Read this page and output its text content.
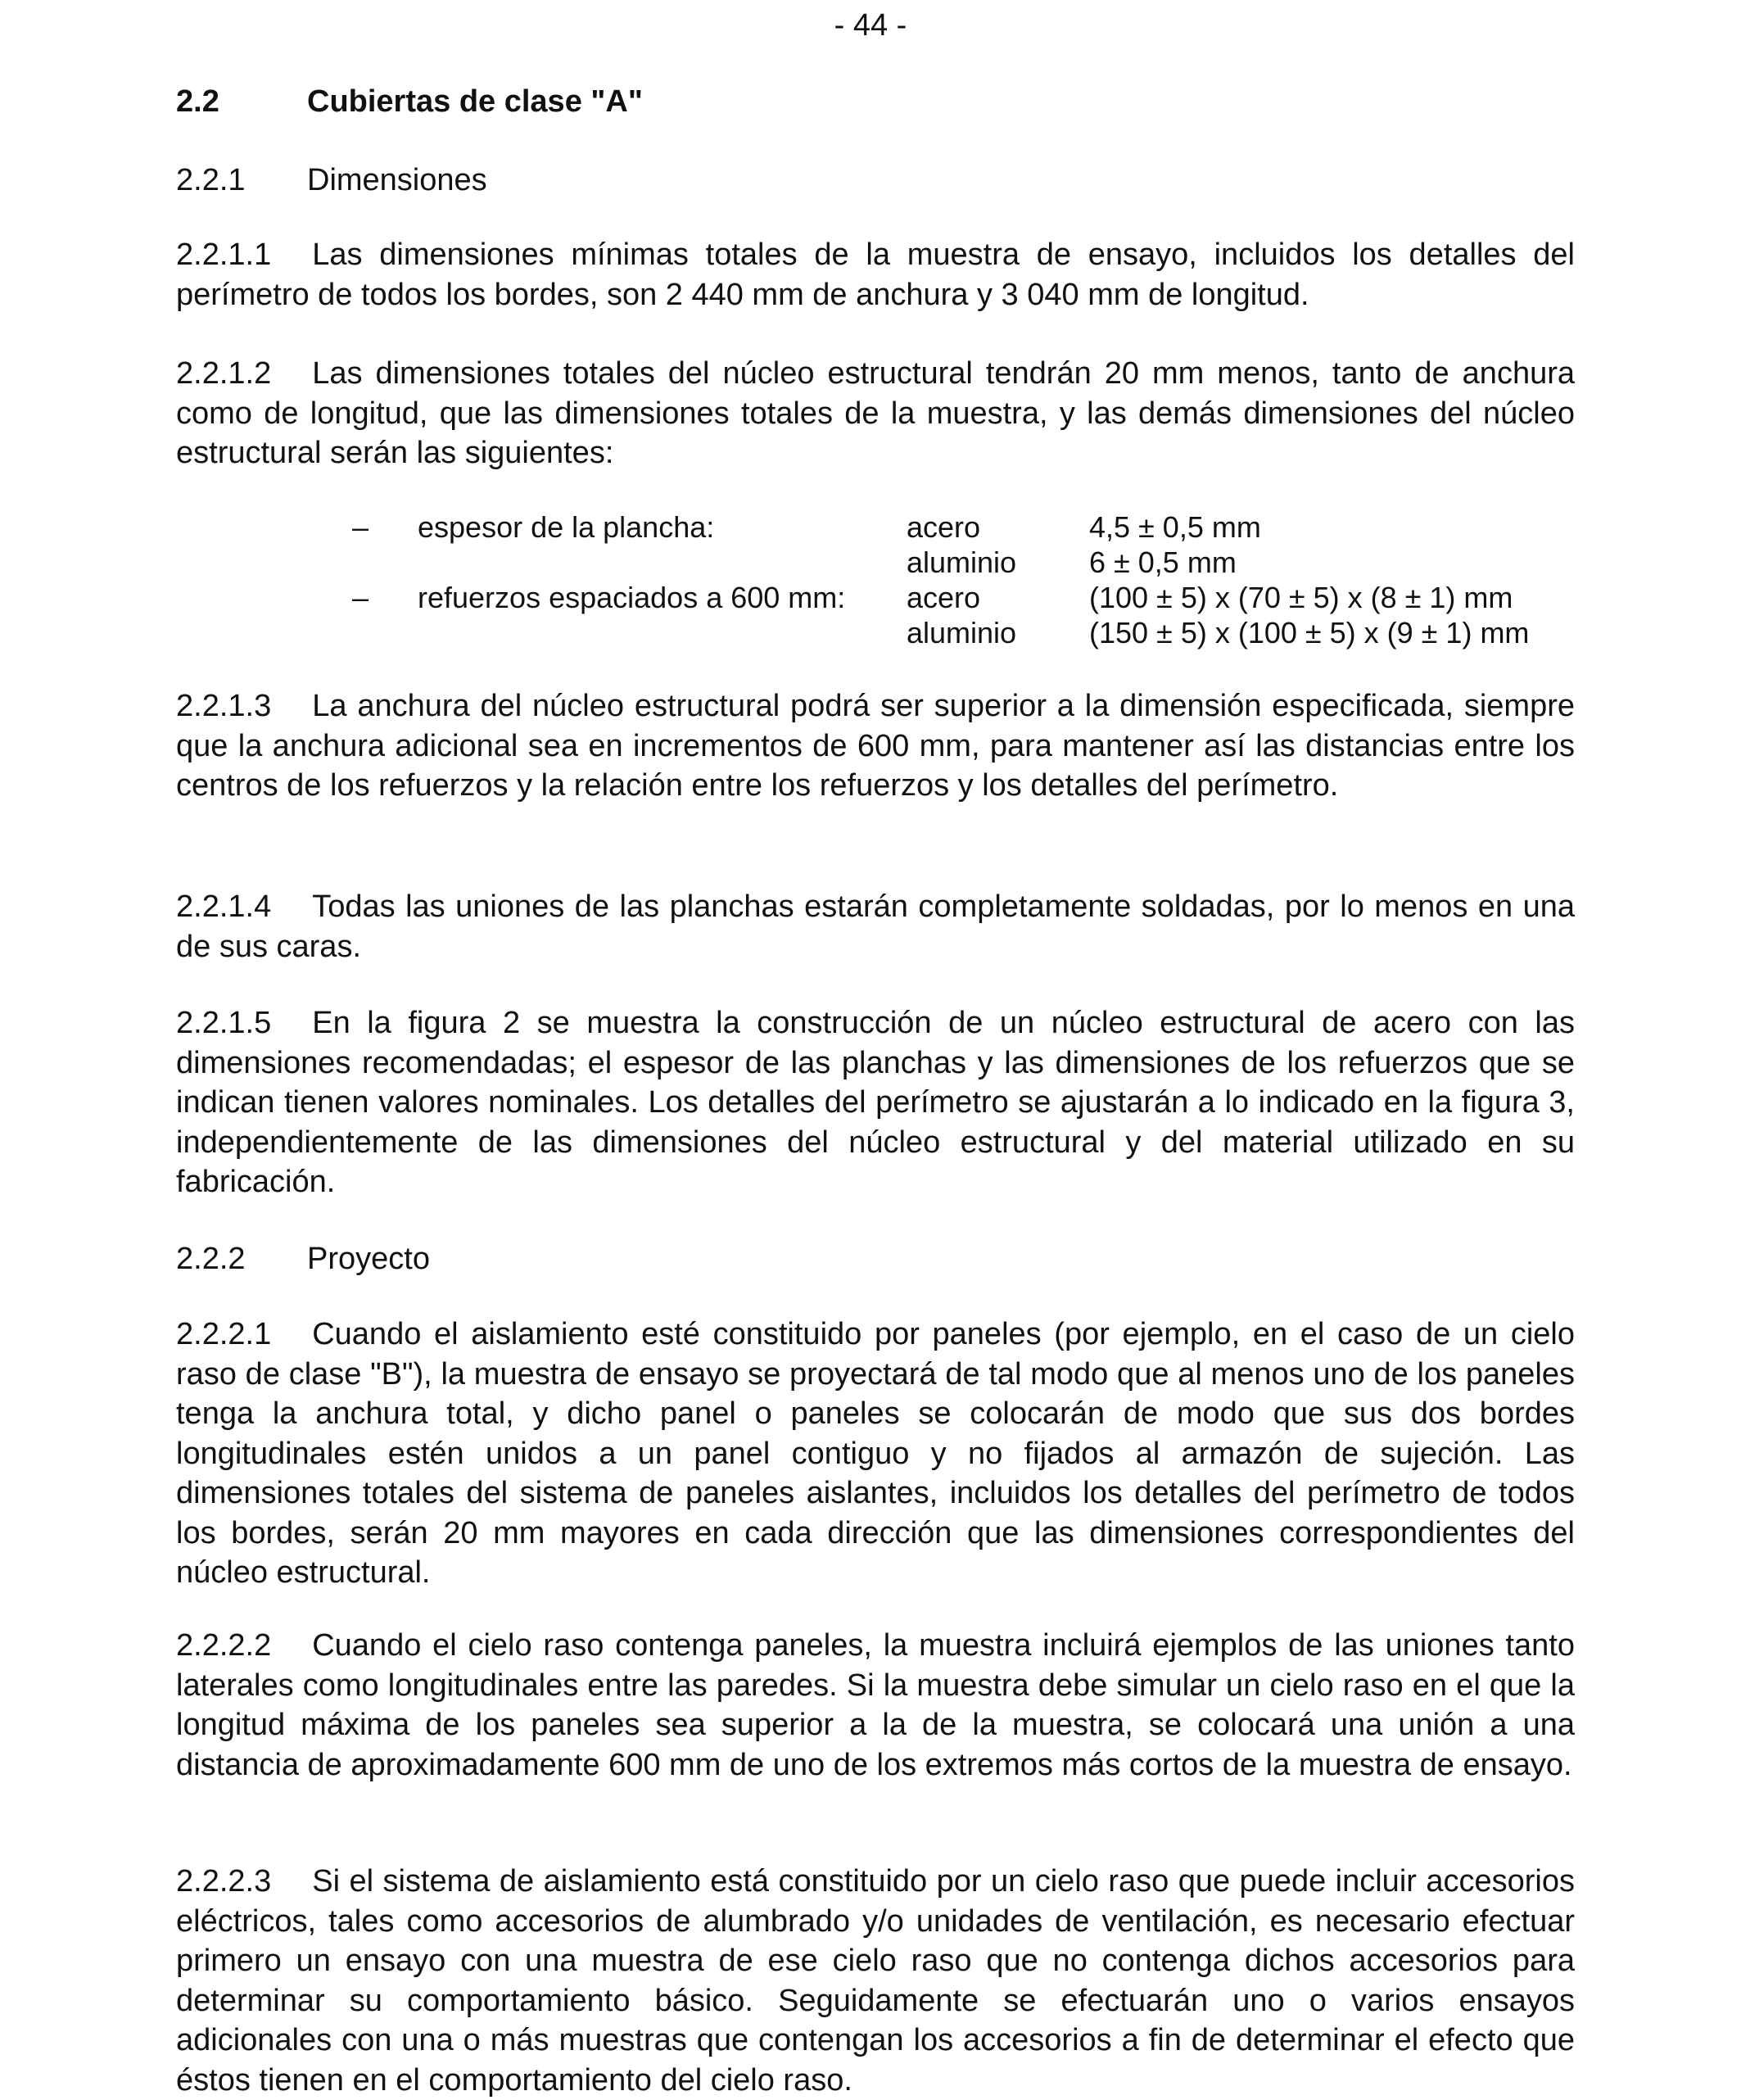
- 44 -
2.2	Cubiertas de clase "A"
2.2.1 Dimensiones
2.2.1.1 Las dimensiones mínimas totales de la muestra de ensayo, incluidos los detalles del perímetro de todos los bordes, son 2 440 mm de anchura y 3 040 mm de longitud.
2.2.1.2 Las dimensiones totales del núcleo estructural tendrán 20 mm menos, tanto de anchura como de longitud, que las dimensiones totales de la muestra, y las demás dimensiones del núcleo estructural serán las siguientes:
–	espesor de la plancha:	acero	4,5 ± 0,5 mm
		aluminio	6 ± 0,5 mm
–	refuerzos espaciados a 600 mm:	acero	(100 ± 5) x (70 ± 5) x (8 ± 1) mm
		aluminio	(150 ± 5) x (100 ± 5) x (9 ± 1) mm
2.2.1.3 La anchura del núcleo estructural podrá ser superior a la dimensión especificada, siempre que la anchura adicional sea en incrementos de 600 mm, para mantener así las distancias entre los centros de los refuerzos y la relación entre los refuerzos y los detalles del perímetro.
2.2.1.4 Todas las uniones de las planchas estarán completamente soldadas, por lo menos en una de sus caras.
2.2.1.5 En la figura 2 se muestra la construcción de un núcleo estructural de acero con las dimensiones recomendadas; el espesor de las planchas y las dimensiones de los refuerzos que se indican tienen valores nominales. Los detalles del perímetro se ajustarán a lo indicado en la figura 3, independientemente de las dimensiones del núcleo estructural y del material utilizado en su fabricación.
2.2.2 Proyecto
2.2.2.1 Cuando el aislamiento esté constituido por paneles (por ejemplo, en el caso de un cielo raso de clase "B"), la muestra de ensayo se proyectará de tal modo que al menos uno de los paneles tenga la anchura total, y dicho panel o paneles se colocarán de modo que sus dos bordes longitudinales estén unidos a un panel contiguo y no fijados al armazón de sujeción. Las dimensiones totales del sistema de paneles aislantes, incluidos los detalles del perímetro de todos los bordes, serán 20 mm mayores en cada dirección que las dimensiones correspondientes del núcleo estructural.
2.2.2.2 Cuando el cielo raso contenga paneles, la muestra incluirá ejemplos de las uniones tanto laterales como longitudinales entre las paredes. Si la muestra debe simular un cielo raso en el que la longitud máxima de los paneles sea superior a la de la muestra, se colocará una unión a una distancia de aproximadamente 600 mm de uno de los extremos más cortos de la muestra de ensayo.
2.2.2.3 Si el sistema de aislamiento está constituido por un cielo raso que puede incluir accesorios eléctricos, tales como accesorios de alumbrado y/o unidades de ventilación, es necesario efectuar primero un ensayo con una muestra de ese cielo raso que no contenga dichos accesorios para determinar su comportamiento básico. Seguidamente se efectuarán uno o varios ensayos adicionales con una o más muestras que contengan los accesorios a fin de determinar el efecto que éstos tienen en el comportamiento del cielo raso.
